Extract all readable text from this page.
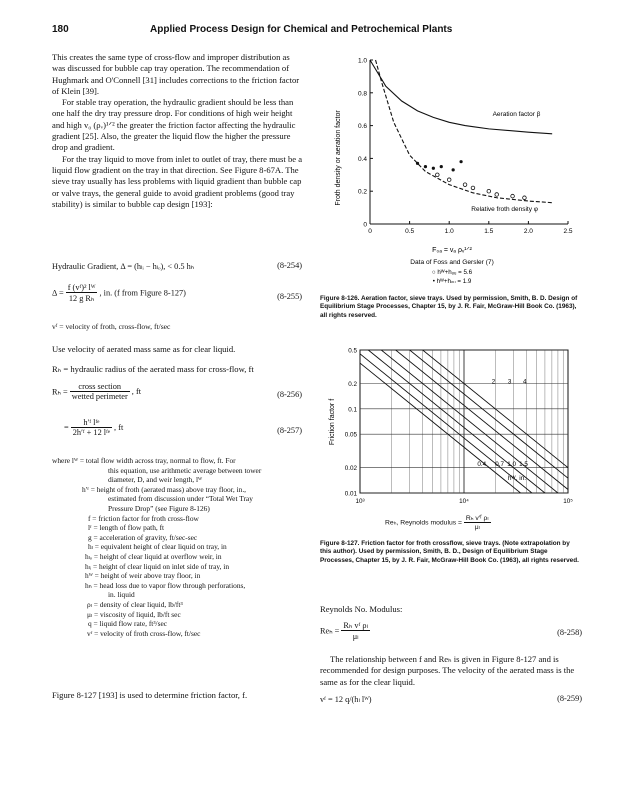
180	Applied Process Design for Chemical and Petrochemical Plants

This creates the same type of cross-flow and improper distribution as was discussed for bubble cap tray operation. The recommendation of Hughmark and O'Connell [31] includes corrections to the friction factor of Klein [39].

For stable tray operation, the hydraulic gradient should be less than one half the dry tray pressure drop. For conditions of high weir height and high v₀ (ρᵥ)¹ᐟ² the greater the friction factor affecting the hydraulic gradient [25]. Also, the greater the liquid flow the higher the pressure drop and gradient.

For the tray liquid to move from inlet to outlet of tray, there must be a liquid flow gradient on the tray in that direction. See Figure 8-67A. The sieve tray usually has less problems with liquid gradient than bubble cap or valve trays, the general guide to avoid gradient problems (good tray stability) is similar to bubble cap design [193]:

Hydraulic Gradient, Δ = (hₗᵢ − hₗₒ), < 0.5 hₕ	(8-254)
$\Delta = \frac{\text{f (vᶠ)² lᵂ}}{\text{12 g Rₕ}}$ , in. (f from Figure 8-127)	(8-255)
vᶠ = velocity of froth, cross-flow, ft/sec
Use velocity of aerated mass same as for clear liquid.
Rₕ = hydraulic radius of the aerated mass for cross-flow, ft
$R_h = \frac{\text{cross section}}{\text{wetted perimeter}}$ , ft	(8-256)
= $\frac{\text{h′ᶠ lᶠᵉ}}{\text{2h′ᶠ + 12 lᶠᵉ}}$ , ft	(8-257)
where lᵂ = total flow width across tray, normal to flow, ft. For
this equation, use arithmetic average between tower
diameter, D, and weir length, lᵂ
h′ᶠ = height of froth (aerated mass) above tray floor, in.,
estimated from discussion under “Total Wet Tray
Pressure Drop” (see Figure 8-126)
f = friction factor for froth cross-flow
lᶠ = length of flow path, ft
g = acceleration of gravity, ft/sec-sec
hₗ = equivalent height of clear liquid on tray, in
hₗₒ = height of clear liquid at overflow weir, in
hₗᵢ = height of clear liquid on inlet side of tray, in
hᵂ = height of weir above tray floor, in
hₕ = head loss due to vapor flow through perforations,
in. liquid
ρₗ = density of clear liquid, lb/ft³
μₗ = viscosity of liquid, lb/ft sec
q = liquid flow rate, ft³/sec
vᶠ = velocity of froth cross-flow, ft/sec
Figure 8-127 [193] is used to determine friction factor, f.
0	0.5	1.0	1.5	2.0	2.5
0
0.2
0.4
0.6
0.8
1.0
Aeration factor β
Relative froth density φ
Froth density or aeration factor
F₀ₐ = vₐ ρᵥ¹ᐟ²
Data of Foss and Gersler (7)
○ hᵂ+hₒᵤ = 5.6
• hᵂ+hₒᵤ = 1.9
Figure 8-126. Aeration factor, sieve trays. Used by permission, Smith, B. D. Design of Equilibrium Stage Processes, Chapter 15, by J. R. Fair, McGraw-Hill Book Co. (1963), all rights reserved.
0.01
0.02
0.05
0.1
0.2
0.5
10³	10⁴	10⁵
0.4 0.7 1.0 1.5
2 3 4
Friction factor f
hᵂ, in.
Reₕ, Reynolds modulus = $\frac{\text{Rₕ v′ᶠ ρₗ}}{\text{μₗ}}$
Figure 8-127. Friction factor for froth crossflow, sieve trays. (Note extrapolation by this author). Used by permission, Smith, B. D., Design of Equilibrium Stage Processes, Chapter 15, by J. R. Fair, McGraw-Hill Book Co. (1963), all rights reserved.
Reynolds No. Modulus:
$Re_h = \frac{\text{Rₕ vᶠ ρₗ}}{\text{μₗ}}$	(8-258)

The relationship between f and Reₕ is given in Figure 8-127 and is recommended for design purposes. The velocity of the aerated mass is the same as for the clear liquid.

vᶠ = 12 q/(hₗ lᵂ)	(8-259)
